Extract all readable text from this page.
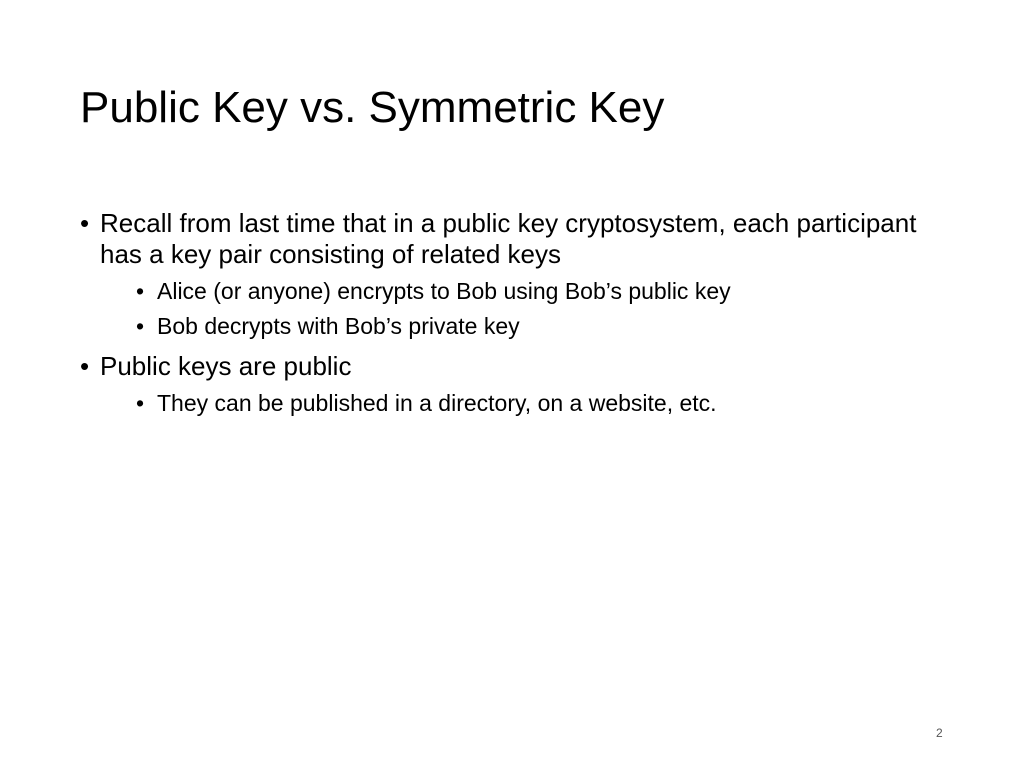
Public Key vs. Symmetric Key
• Recall from last time that in a public key cryptosystem, each participant has a key pair consisting of related keys
• Alice (or anyone) encrypts to Bob using Bob’s public key
• Bob decrypts with Bob’s private key
• Public keys are public
• They can be published in a directory, on a website, etc.
2
